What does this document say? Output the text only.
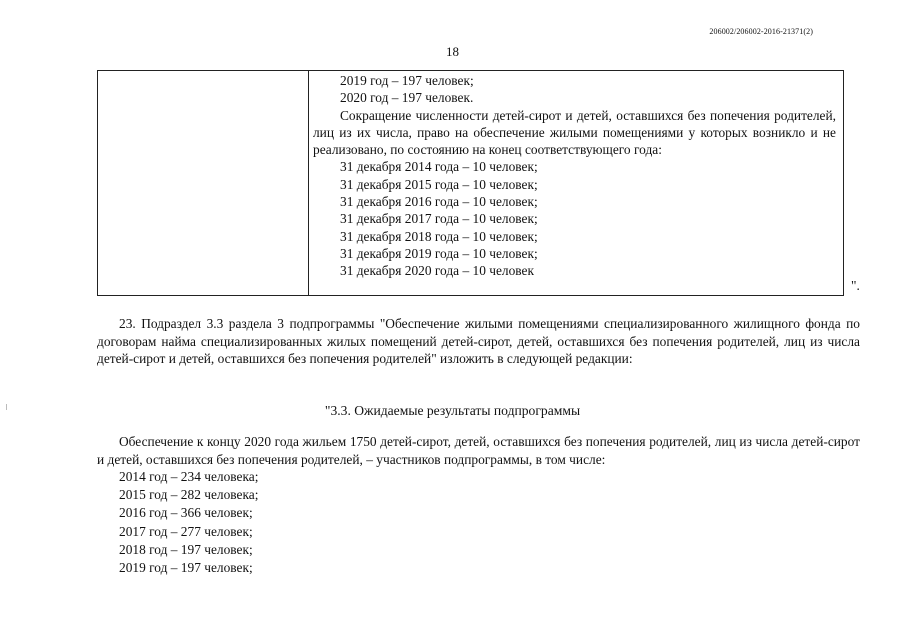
206002/206002-2016-21371(2)
18
2019 год – 197 человек;
2020 год – 197 человек.
Сокращение численности детей-сирот и детей, оставшихся без попечения родителей, лиц из их числа, право на обеспечение жилыми помещениями у которых возникло и не реализовано, по состоянию на конец соответствующего года:
31 декабря 2014 года – 10 человек;
31 декабря 2015 года – 10 человек;
31 декабря 2016 года – 10 человек;
31 декабря 2017 года – 10 человек;
31 декабря 2018 года – 10 человек;
31 декабря 2019 года – 10 человек;
31 декабря 2020 года – 10 человек
".
23. Подраздел 3.3 раздела 3 подпрограммы "Обеспечение жилыми помещениями специализированного жилищного фонда по договорам найма специализированных жилых помещений детей-сирот, детей, оставшихся без попечения родителей, лиц из числа детей-сирот и детей, оставшихся без попечения родителей" изложить в следующей редакции:
"3.3. Ожидаемые результаты подпрограммы
Обеспечение к концу 2020 года жильем 1750 детей-сирот, детей, оставшихся без попечения родителей, лиц из числа детей-сирот и детей, оставшихся без попечения родителей, – участников подпрограммы, в том числе:
2014 год – 234 человека;
2015 год – 282 человека;
2016 год – 366 человек;
2017 год – 277 человек;
2018 год – 197 человек;
2019 год – 197 человек;
